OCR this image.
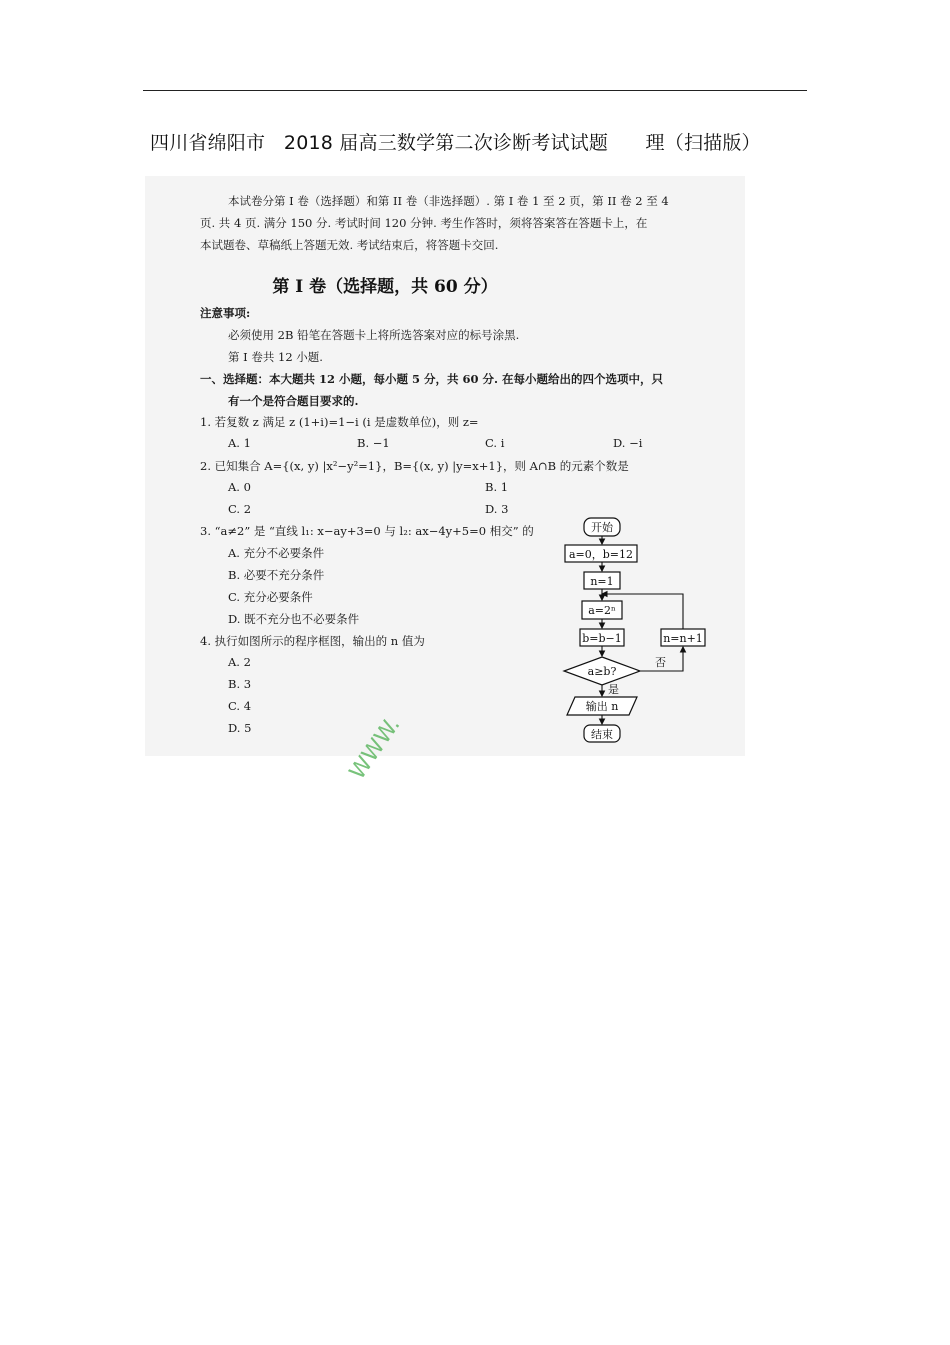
四川省绵阳市   2018 届高三数学第二次诊断考试试题      理（扫描版）
本试卷分第 I 卷（选择题）和第 II 卷（非选择题）. 第 I 卷 1 至 2 页，第 II 卷 2 至 4
页. 共 4 页. 满分 150 分. 考试时间 120 分钟. 考生作答时，须将答案答在答题卡上，在
本试题卷、草稿纸上答题无效. 考试结束后，将答题卡交回.
第 I 卷（选择题，共 60 分）
注意事项:
必须使用 2B 铅笔在答题卡上将所选答案对应的标号涂黑.
第 I 卷共 12 小题.
一、选择题：本大题共 12 小题，每小题 5 分，共 60 分. 在每小题给出的四个选项中，只
有一个是符合题目要求的.
1. 若复数 z 满足 z (1+i)=1−i (i 是虚数单位)，则 z=
A. 1	B. −1	C. i	D. −i
2. 已知集合 A={(x, y) |x²−y²=1}，B={(x, y) |y=x+1}，则 A∩B 的元素个数是
A. 0	B. 1
C. 2	D. 3
3. “a≠2” 是 “直线 l₁: x−ay+3=0 与 l₂: ax−4y+5=0 相交” 的
A. 充分不必要条件
B. 必要不充分条件
C. 充分必要条件
D. 既不充分也不必要条件
4. 执行如图所示的程序框图，输出的 n 值为
A. 2
B. 3
C. 4
D. 5
开始
a=0，b=12
n=1
a=2ⁿ
b=b−1
a≥b?
否
n=n+1
是
输出 n
结束
WWW.
